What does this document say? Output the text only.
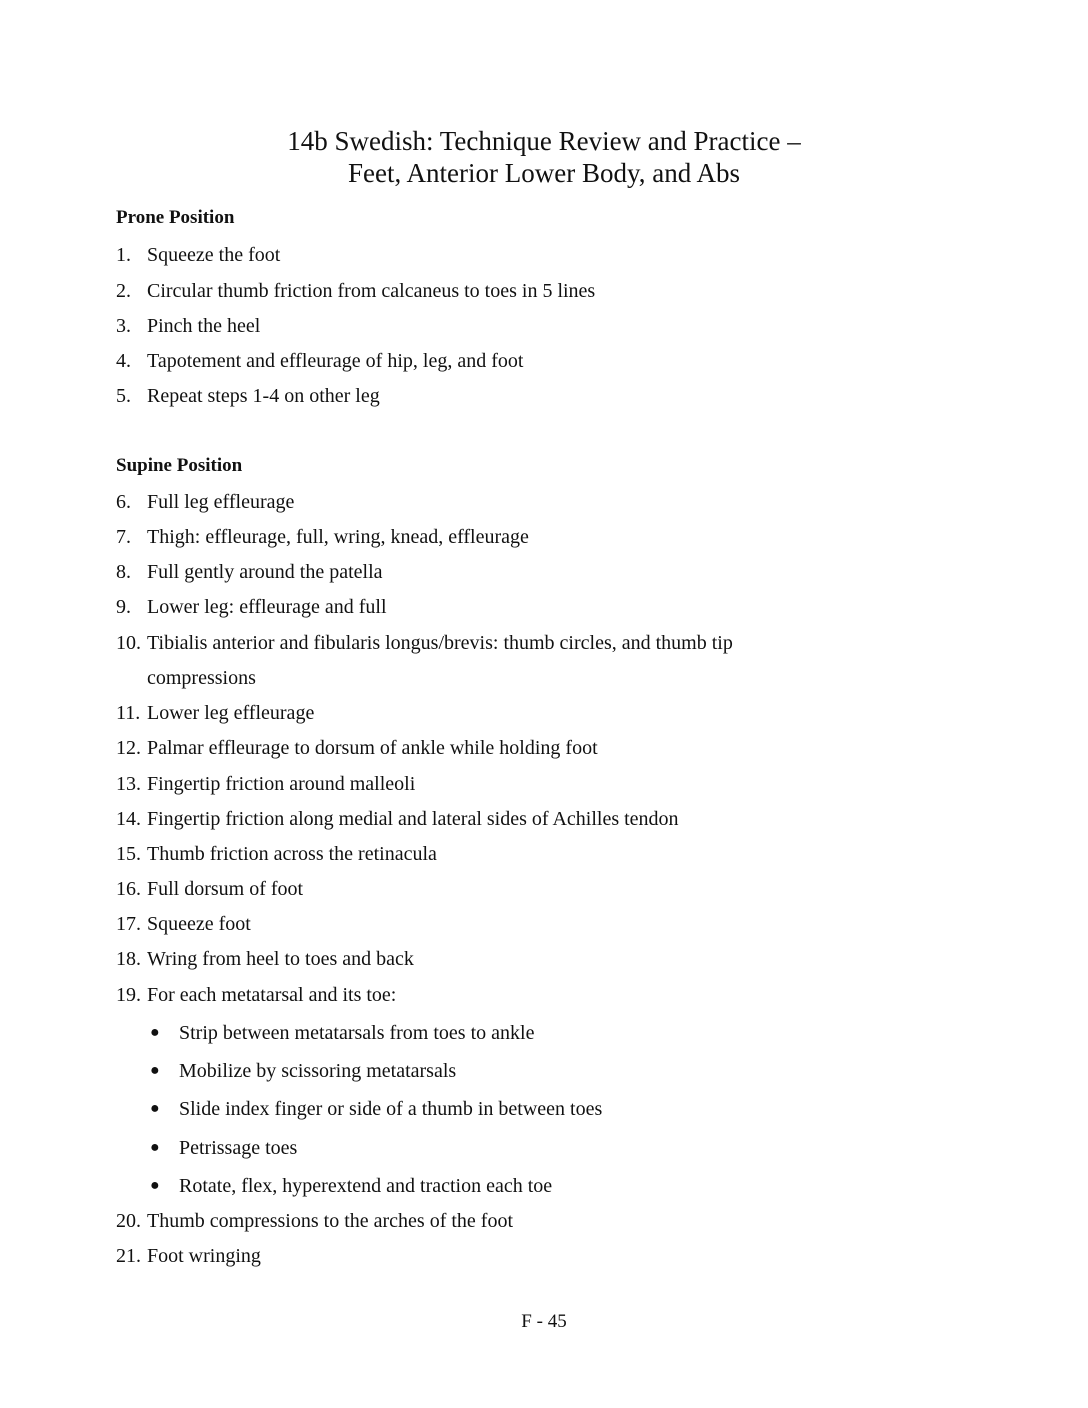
14b Swedish: Technique Review and Practice –
Feet, Anterior Lower Body, and Abs
Prone Position
1. Squeeze the foot
2. Circular thumb friction from calcaneus to toes in 5 lines
3. Pinch the heel
4. Tapotement and effleurage of hip, leg, and foot
5. Repeat steps 1-4 on other leg
Supine Position
6. Full leg effleurage
7. Thigh: effleurage, full, wring, knead, effleurage
8. Full gently around the patella
9. Lower leg: effleurage and full
10. Tibialis anterior and fibularis longus/brevis: thumb circles, and thumb tip
compressions
11. Lower leg effleurage
12. Palmar effleurage to dorsum of ankle while holding foot
13. Fingertip friction around malleoli
14. Fingertip friction along medial and lateral sides of Achilles tendon
15. Thumb friction across the retinacula
16. Full dorsum of foot
17. Squeeze foot
18. Wring from heel to toes and back
19. For each metatarsal and its toe:
● Strip between metatarsals from toes to ankle
● Mobilize by scissoring metatarsals
● Slide index finger or side of a thumb in between toes
● Petrissage toes
● Rotate, flex, hyperextend and traction each toe
20. Thumb compressions to the arches of the foot
21. Foot wringing
F - 45
